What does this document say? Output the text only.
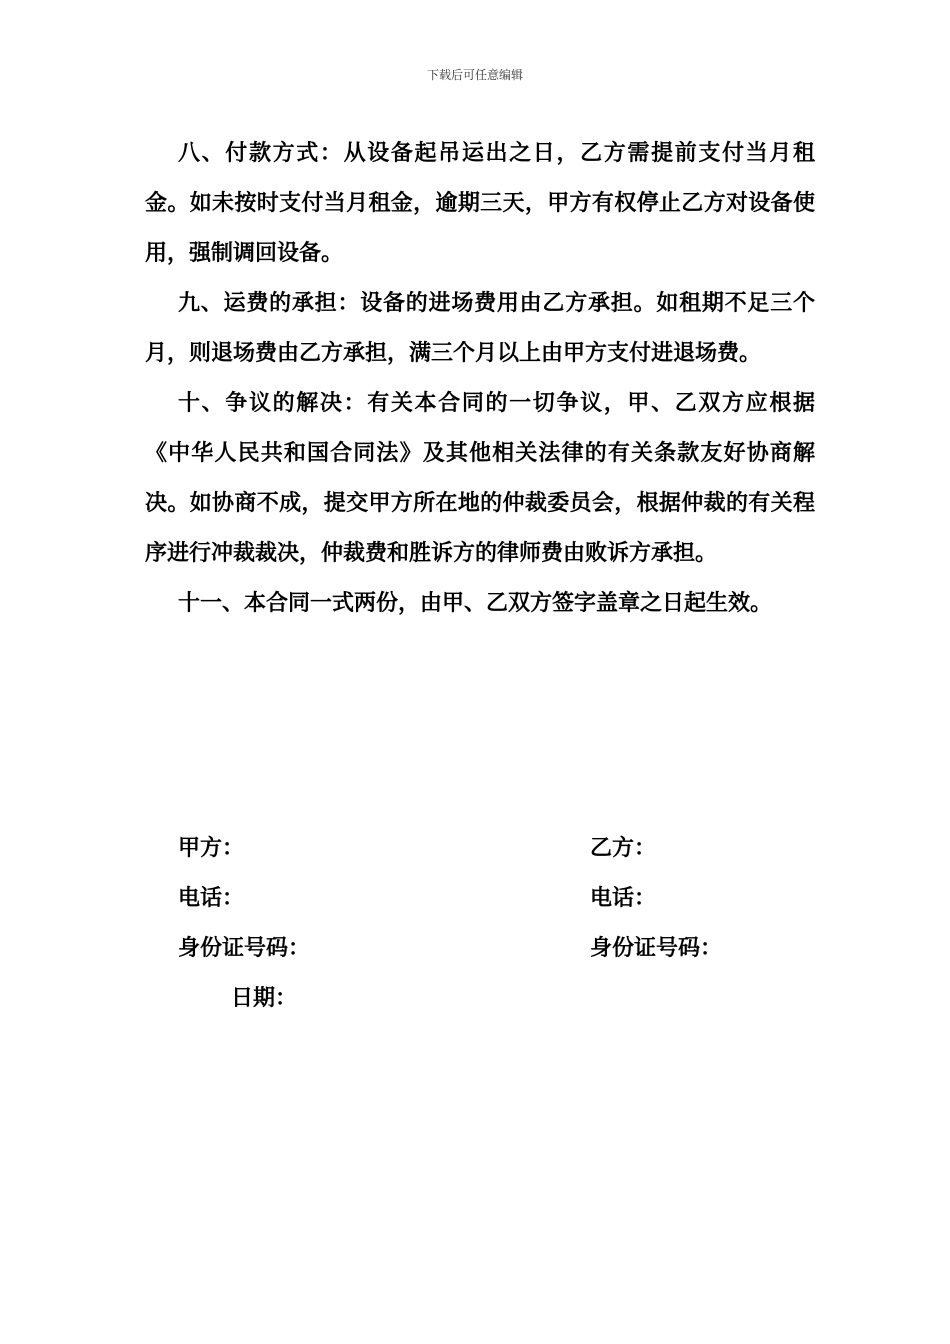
下载后可任意编辑

八、付款方式：从设备起吊运出之日，乙方需提前支付当月租金。如未按时支付当月租金，逾期三天，甲方有权停止乙方对设备使用，强制调回设备。

九、运费的承担：设备的进场费用由乙方承担。如租期不足三个月，则退场费由乙方承担，满三个月以上由甲方支付进退场费。

十、争议的解决：有关本合同的一切争议，甲、乙双方应根据《中华人民共和国合同法》及其他相关法律的有关条款友好协商解决。如协商不成，提交甲方所在地的仲裁委员会，根据仲裁的有关程序进行冲裁裁决，仲裁费和胜诉方的律师费由败诉方承担。

十一、本合同一式两份，由甲、乙双方签字盖章之日起生效。

甲方：	乙方：
电话：	电话：
身份证号码：	身份证号码：
日期：
